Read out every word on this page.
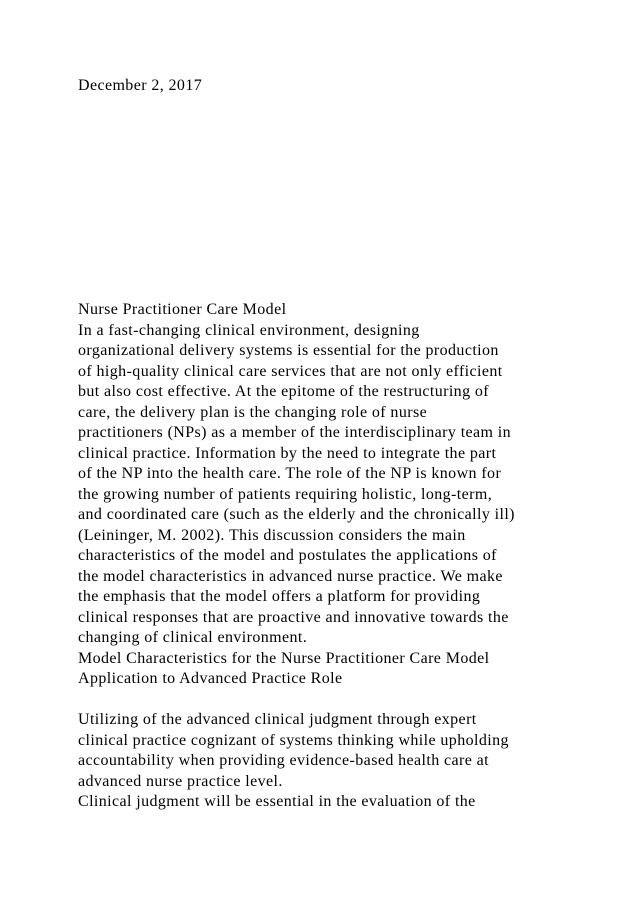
December 2, 2017

Nurse Practitioner Care Model
In a fast-changing clinical environment, designing
organizational delivery systems is essential for the production
of high-quality clinical care services that are not only efficient
but also cost effective. At the epitome of the restructuring of
care, the delivery plan is the changing role of nurse
practitioners (NPs) as a member of the interdisciplinary team in
clinical practice. Information by the need to integrate the part
of the NP into the health care. The role of the NP is known for
the growing number of patients requiring holistic, long-term,
and coordinated care (such as the elderly and the chronically ill)
(Leininger, M. 2002). This discussion considers the main
characteristics of the model and postulates the applications of
the model characteristics in advanced nurse practice. We make
the emphasis that the model offers a platform for providing
clinical responses that are proactive and innovative towards the
changing of clinical environment.
Model Characteristics for the Nurse Practitioner Care Model
Application to Advanced Practice Role
Utilizing of the advanced clinical judgment through expert
clinical practice cognizant of systems thinking while upholding
accountability when providing evidence-based health care at
advanced nurse practice level.
Clinical judgment will be essential in the evaluation of the
